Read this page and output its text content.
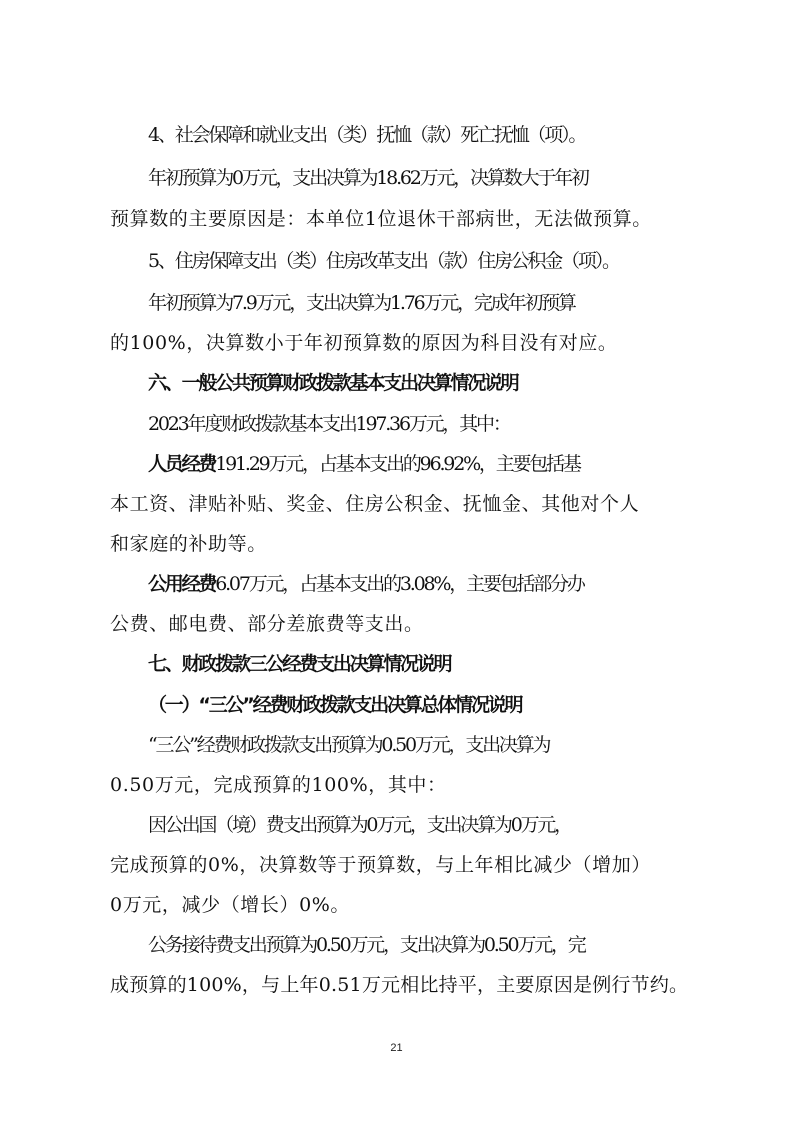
4、社会保障和就业支出（类）抚恤（款）死亡抚恤（项）。
年初预算为0万元，支出决算为18.62万元，决算数大于年初
预算数的主要原因是：本单位1位退休干部病世，无法做预算。
5、住房保障支出（类）住房改革支出（款）住房公积金（项）。
年初预算为7.9万元，支出决算为1.76万元，完成年初预算
的100%，决算数小于年初预算数的原因为科目没有对应。
六、一般公共预算财政拨款基本支出决算情况说明
2023年度财政拨款基本支出197.36万元，其中：
人员经费191.29万元，占基本支出的96.92%，主要包括基
本工资、津贴补贴、奖金、住房公积金、抚恤金、其他对个人
和家庭的补助等。
公用经费6.07万元，占基本支出的3.08%，主要包括部分办
公费、邮电费、部分差旅费等支出。
七、财政拨款三公经费支出决算情况说明
（一）“三公”经费财政拨款支出决算总体情况说明
“三公”经费财政拨款支出预算为0.50万元，支出决算为
0.50万元，完成预算的100%，其中：
因公出国（境）费支出预算为0万元，支出决算为0万元，
完成预算的0%，决算数等于预算数，与上年相比减少（增加）
0万元，减少（增长）0%。
公务接待费支出预算为0.50万元，支出决算为0.50万元，完
成预算的100%，与上年0.51万元相比持平，主要原因是例行节约。
21
